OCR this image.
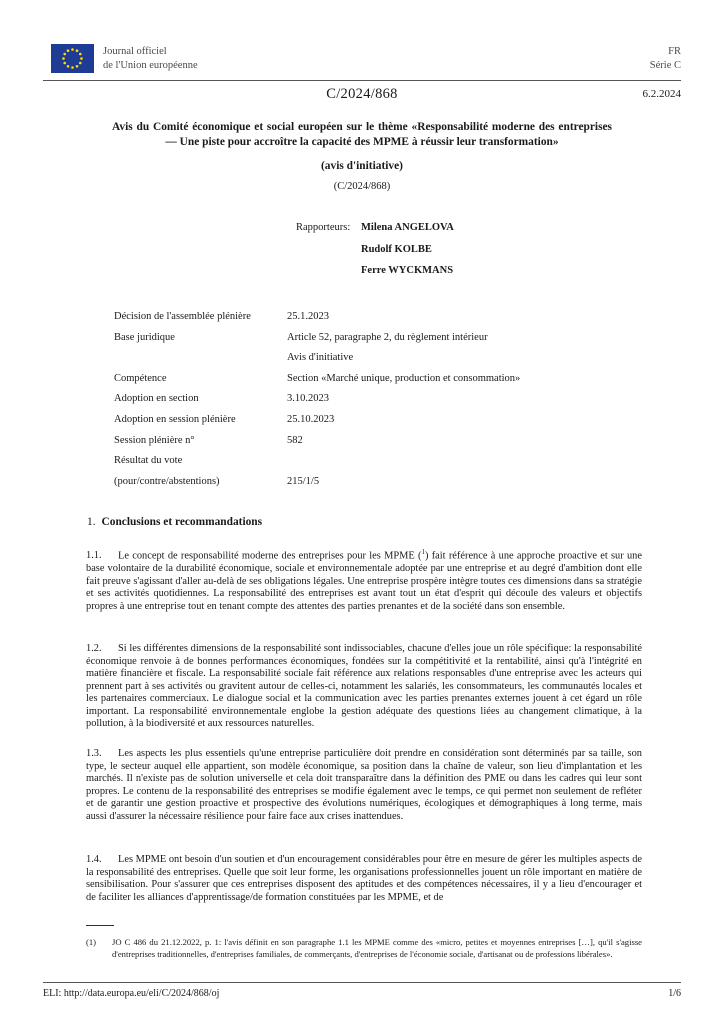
Journal officiel
de l'Union européenne
FR
Série C
C/2024/868	6.2.2024
Avis du Comité économique et social européen sur le thème «Responsabilité moderne des entreprises — Une piste pour accroître la capacité des MPME à réussir leur transformation»
(avis d'initiative)
(C/2024/868)
Rapporteurs: Milena ANGELOVA
Rudolf KOLBE
Ferre WYCKMANS
Décision de l'assemblée plénière	25.1.2023
Base juridique	Article 52, paragraphe 2, du règlement intérieur
	Avis d'initiative
Compétence	Section «Marché unique, production et consommation»
Adoption en section	3.10.2023
Adoption en session plénière	25.10.2023
Session plénière n°	582
Résultat du vote	
(pour/contre/abstentions)	215/1/5
1. Conclusions et recommandations
1.1. Le concept de responsabilité moderne des entreprises pour les MPME ($^1$) fait référence à une approche proactive et sur une base volontaire de la durabilité économique, sociale et environnementale adoptée par une entreprise et au degré d'ambition dont elle fait preuve s'agissant d'aller au-delà de ses obligations légales. Une entreprise prospère intègre toutes ces dimensions dans sa stratégie et ses activités quotidiennes. La responsabilité des entreprises est avant tout un état d'esprit qui découle des valeurs et objectifs propres à une entreprise tout en tenant compte des attentes des parties prenantes et de la société dans son ensemble.
1.2. Si les différentes dimensions de la responsabilité sont indissociables, chacune d'elles joue un rôle spécifique: la responsabilité économique renvoie à de bonnes performances économiques, fondées sur la compétitivité et la rentabilité, ainsi qu'à l'intégrité en matière financière et fiscale. La responsabilité sociale fait référence aux relations responsables d'une entreprise avec les acteurs qui prennent part à ses activités ou gravitent autour de celles-ci, notamment les salariés, les consommateurs, les communautés locales et les partenaires commerciaux. Le dialogue social et la communication avec les parties prenantes externes jouent à cet égard un rôle important. La responsabilité environnementale englobe la gestion adéquate des questions liées au changement climatique, à la pollution, à la biodiversité et aux ressources naturelles.
1.3. Les aspects les plus essentiels qu'une entreprise particulière doit prendre en considération sont déterminés par sa taille, son type, le secteur auquel elle appartient, son modèle économique, sa position dans la chaîne de valeur, son lieu d'implantation et les marchés. Il n'existe pas de solution universelle et cela doit transparaître dans la définition des PME ou dans les cadres qui leur sont propres. Le contenu de la responsabilité des entreprises se modifie également avec le temps, ce qui permet non seulement de refléter et de garantir une gestion proactive et prospective des évolutions numériques, écologiques et démographiques à long terme, mais aussi d'assurer la nécessaire résilience pour faire face aux crises inattendues.
1.4. Les MPME ont besoin d'un soutien et d'un encouragement considérables pour être en mesure de gérer les multiples aspects de la responsabilité des entreprises. Quelle que soit leur forme, les organisations professionnelles jouent un rôle important en matière de sensibilisation. Pour s'assurer que ces entreprises disposent des aptitudes et des compétences nécessaires, il y a lieu d'encourager et de faciliter les alliances d'apprentissage/de formation constituées par les MPME, et de
(1) JO C 486 du 21.12.2022, p. 1: l'avis définit en son paragraphe 1.1 les MPME comme des «micro, petites et moyennes entreprises […], qu'il s'agisse d'entreprises traditionnelles, d'entreprises familiales, de commerçants, d'entreprises de l'économie sociale, d'artisanat ou de professions libérales».
ELI: http://data.europa.eu/eli/C/2024/868/oj	1/6
